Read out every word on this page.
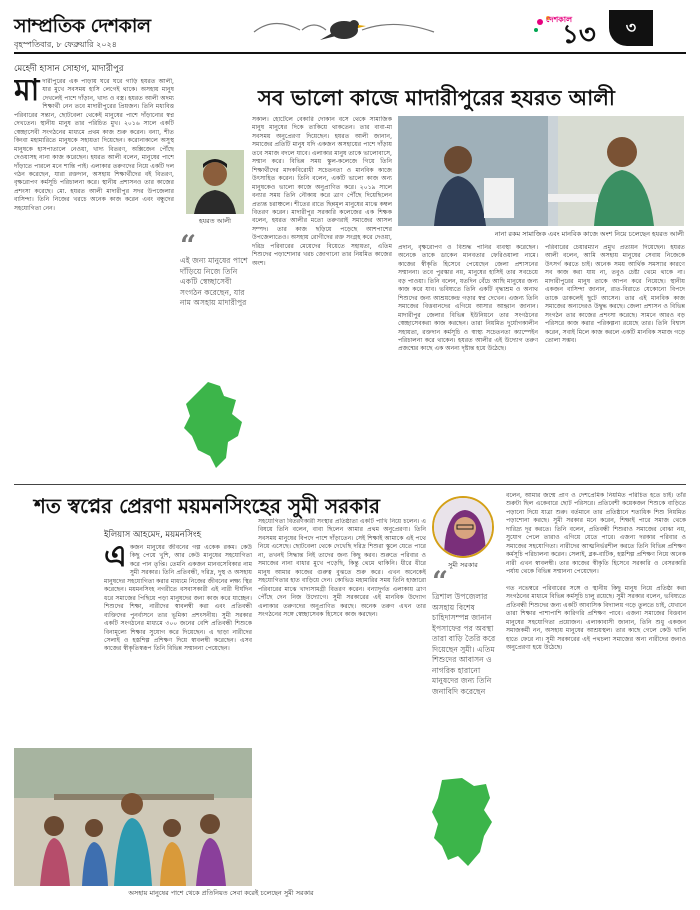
সাম্প্রতিক দেশকাল
বৃহস্পতিবার, ৮ ফেব্রুয়ারি ২০২৪
দেশকাল
১৩	৩
মেহেদী হাসান সোহাগ, মাদারীপুর
সব ভালো কাজে মাদারীপুরের হযরত আলী
মা দারীপুরের এক পাড়ায় ঘরে ঘরে গাড়ি হযরত আলী, যার মুখে সবসময় হাসি লেগেই থাকে। অসহায় মানুষ দেখলেই পাশে দাঁড়ান, খাদ্য ও বস্ত্র। হযরত আলী অদম্য শিক্ষার্থী নেন তবে মাদারীপুরের প্রিয়জন। তিনি মধ্যবিত্ত পরিবারের সন্তান, ছোটবেলা থেকেই মানুষের পাশে দাঁড়ানোর স্বপ্ন দেখতেন। স্থানীয় মানুষ তার পরিচিত মুখ। ২০১৬ সালে একটি স্বেচ্ছাসেবী সংগঠনের মাধ্যমে প্রথম কাজ শুরু করেন। বন্যা, শীত কিংবা মহামারিতে মানুষকে সহায়তা দিয়েছেন। করোনাকালে অসুস্থ মানুষকে হাসপাতালে নেওয়া, খাদ্য বিতরণ, অক্সিজেন পৌঁছে দেওয়াসহ নানা কাজ করেছেন। হযরত আলী বলেন, মানুষের পাশে দাঁড়াতে পারলে মনে শান্তি পাই। এলাকার তরুণদের নিয়ে একটি দল গঠন করেছেন, যারা রক্তদান, অসহায় শিক্ষার্থীদের বই বিতরণ, বৃক্ষরোপণ কর্মসূচি পরিচালনা করে। স্থানীয় প্রশাসনও তার কাজের প্রশংসা করেছে। মো. হযরত আলী মাদারীপুর সদর উপজেলার বাসিন্দা। তিনি নিজের খরচে অনেক কাজ করেন এবং বন্ধুদের সহযোগিতা নেন।
হযরত আলী
“
এই জন্য মানুষের পাশে দাঁড়িয়ে নিজে তিনি একটি স্বেচ্ছাসেবী সংগঠন করেছেন, যার নাম অসহায় মাদারীপুর
সকাল। হোটেলে বেকারি দোকান বসে থেকে সামাজিক মানুষ মানুষের দিকে তাকিয়ে থাকতেন। তার বাবা-মা সবসময় অনুপ্রেরণা দিয়েছেন। হযরত আলী জানান, সমাজের প্রতিটি মানুষ যদি একজন অসহায়ের পাশে দাঁড়ায় তবে সমাজ বদলে যাবে। এলাকার মানুষ তাকে ভালোবাসে, সম্মান করে। বিভিন্ন সময় স্কুল-কলেজে গিয়ে তিনি শিক্ষার্থীদের মাদকবিরোধী সচেতনতা ও মানবিক কাজে উৎসাহিত করেন। তিনি বলেন, একটি ভালো কাজ অন্য মানুষকেও ভালো কাজে অনুপ্রাণিত করে। ২০১৯ সালে বন্যার সময় তিনি নৌকায় করে ত্রাণ পৌঁছে দিয়েছিলেন প্রত্যন্ত চরাঞ্চলে। শীতের রাতে ছিন্নমূল মানুষের মাঝে কম্বল বিতরণ করেন। মাদারীপুর সরকারি কলেজের এক শিক্ষক বলেন, হযরত আলীর মতো তরুণরাই সমাজের আসল সম্পদ। তার কাজ ছড়িয়ে পড়েছে আশপাশের উপজেলাতেও। অসহায় রোগীদের রক্ত সংগ্রহ করে দেওয়া, দরিদ্র পরিবারের মেয়েদের বিয়েতে সহায়তা, এতিম শিশুদের পড়াশোনার খরচ জোগানো তার নিয়মিত কাজের অংশ।
নানা রকম সামাজিক এবং মানবিক কাজে অংশ নিয়ে চলেছেন হযরত আলী
প্রদান, বৃক্ষরোপণ ও বিশুদ্ধ পানির ব্যবস্থা করেছেন। অনেকে তাকে ডাকেন মানবতার ফেরিওয়ালা নামে। কাজের স্বীকৃতি হিসেবে পেয়েছেন জেলা প্রশাসনের সম্মাননা। তবে পুরস্কার নয়, মানুষের হাসিই তার সবচেয়ে বড় পাওয়া। তিনি বলেন, যতদিন বেঁচে আছি মানুষের জন্য কাজ করে যাব। ভবিষ্যতে তিনি একটি বৃদ্ধাশ্রম ও অনাথ শিশুদের জন্য আশ্রয়কেন্দ্র গড়ার স্বপ্ন দেখেন। এজন্য তিনি সমাজের বিত্তবানদের এগিয়ে আসার আহ্বান জানান। মাদারীপুর জেলার বিভিন্ন ইউনিয়নে তার সংগঠনের স্বেচ্ছাসেবকরা কাজ করছেন। তারা নিয়মিত দুর্যোগকালীন সহায়তা, রক্তদান কর্মসূচি ও স্বাস্থ্য সচেতনতা ক্যাম্পেইন পরিচালনা করে থাকেন। হযরত আলীর এই উদ্যোগ তরুণ প্রজন্মের কাছে এক অনন্য দৃষ্টান্ত হয়ে উঠেছে।
পরিবারের চেয়ারম্যান প্রমুখ প্রত্যয়ন দিয়েছেন। হযরত আলী বলেন, আমি অসহায় মানুষের সেবায় নিজেকে উৎসর্গ করতে চাই। অনেক সময় আর্থিক সমস্যার কারণে সব কাজ করা যায় না, তবুও চেষ্টা থেমে থাকে না। মাদারীপুরের মানুষ তাকে আপন করে নিয়েছে। স্থানীয় একজন বাসিন্দা জানান, রাত-বিরাতে যেকোনো বিপদে তাকে ডাকলেই ছুটে আসেন। তার এই মানবিক কাজ সমাজের অন্যদেরও উদ্বুদ্ধ করছে। জেলা প্রশাসন ও বিভিন্ন সংগঠন তার কাজের প্রশংসা করেছে। সামনে আরও বড় পরিসরে কাজ করার পরিকল্পনা রয়েছে তার। তিনি বিশ্বাস করেন, সবাই মিলে কাজ করলে একটি মানবিক সমাজ গড়ে তোলা সম্ভব।
শত স্বপ্নের প্রেরণা ময়মনসিংহের সুমী সরকার
ইলিয়াস আহমেদ, ময়মনসিংহ
এ কজন মানুষের জীবনের গল্প একেক রকম। কেউ কিছু পেয়ে খুশি, আর কেউ মানুষের সহযোগিতা করে পান তৃপ্তি। তেমনি একজন মানবসেবিকার নাম সুমী সরকার। তিনি প্রতিবন্ধী, দরিদ্র, দুস্থ ও অসহায় মানুষদের সহযোগিতা করার মাধ্যমে নিজের জীবনের লক্ষ্য স্থির করেছেন। ময়মনসিংহ নগরীতে বসবাসকারী এই নারী দীর্ঘদিন ধরে সমাজের পিছিয়ে পড়া মানুষদের জন্য কাজ করে যাচ্ছেন। শিশুদের শিক্ষা, নারীদের স্বাবলম্বী করা এবং প্রতিবন্ধী ব্যক্তিদের পুনর্বাসনে তার ভূমিকা প্রশংসনীয়। সুমী সরকার একটি সংগঠনের মাধ্যমে ৩০০ জনের বেশি প্রতিবন্ধী শিশুকে বিনামূল্যে শিক্ষার সুযোগ করে দিয়েছেন। এ ছাড়া নারীদের সেলাই ও হস্তশিল্প প্রশিক্ষণ দিয়ে স্বাবলম্বী করেছেন। এসব কাজের স্বীকৃতিস্বরূপ তিনি বিভিন্ন সম্মাননা পেয়েছেন।
সহযোগিতা বিতরণকারী সংস্থার প্রতিষ্ঠাতা একটি পাখি নিয়ে চলেন। এ বিষয়ে তিনি বলেন, বাবা ছিলেন আমার প্রথম অনুপ্রেরণা। তিনি সবসময় মানুষের বিপদে পাশে দাঁড়াতেন। সেই শিক্ষাই আমাকে এই পথে নিয়ে এসেছে। ছোটবেলা থেকে দেখেছি দরিদ্র শিশুরা স্কুলে যেতে পারে না, তখনই সিদ্ধান্ত নিই তাদের জন্য কিছু করব। শুরুতে পরিবার ও সমাজের নানা বাধার মুখে পড়েছি, কিন্তু থেমে থাকিনি। ধীরে ধীরে মানুষ আমার কাজের গুরুত্ব বুঝতে শুরু করে। এখন অনেকেই সহযোগিতার হাত বাড়িয়ে দেন। কোভিড মহামারির সময় তিনি হাজারো পরিবারের মাঝে খাদ্যসামগ্রী বিতরণ করেন। বন্যাদুর্গত এলাকায় ত্রাণ পৌঁছে দেন নিজ উদ্যোগে। সুমী সরকারের এই মানবিক উদ্যোগ এলাকার তরুণদের অনুপ্রাণিত করছে। অনেক তরুণ এখন তার সংগঠনের সঙ্গে স্বেচ্ছাসেবক হিসেবে কাজ করছেন।
অসহায় মানুষের পাশে থেকে প্রতিনিয়ত সেবা করেই চলেছেন সুমী সরকার
সুমী সরকার
“
ত্রিশাল উপজেলার অসহায় বিশেষ চাহিদাসম্পন্ন জানান ইপসাফের পর অবস্থা তারা বাড়ি তৈরি করে দিয়েছেন সুমী। এতিম শিশুদের আবাসন ও নাগরিক হারানো মানুষদের জন্য তিনি জনাবিদি করেছেন
বলেন, আমার জন্মে প্রাণ ও দেশপ্রেমিক নিয়মিত পরিচিত হতে চাই। তাঁর শুরুটা ছিল একেবারে ছোট পরিসরে। প্রতিবেশী কয়েকজন শিশুকে বাড়িতে পড়ানো দিয়ে যাত্রা শুরু। বর্তমানে তার প্রতিষ্ঠানে শতাধিক শিশু নিয়মিত পড়াশোনা করছে। সুমী সরকার মনে করেন, শিক্ষাই পারে সমাজ থেকে দারিদ্র্য দূর করতে। তিনি বলেন, প্রতিবন্ধী শিশুরাও সমাজের বোঝা নয়, সুযোগ পেলে তারাও এগিয়ে যেতে পারে। এজন্য দরকার পরিবার ও সমাজের সহযোগিতা। নারীদের আত্মনির্ভরশীল করতে তিনি বিভিন্ন প্রশিক্ষণ কর্মসূচি পরিচালনা করেন। সেলাই, ব্লক-বাটিক, হস্তশিল্প প্রশিক্ষণ নিয়ে অনেক নারী এখন স্বাবলম্বী। তার কাজের স্বীকৃতি হিসেবে সরকারি ও বেসরকারি পর্যায় থেকে বিভিন্ন সম্মাননা পেয়েছেন।

গত নভেম্বরে পরিবারের সঙ্গে ও স্থানীয় কিছু মানুষ নিয়ে প্রতিষ্ঠা করা সংগঠনের মাধ্যমে বিভিন্ন কর্মসূচি চালু রয়েছে। সুমী সরকার বলেন, ভবিষ্যতে প্রতিবন্ধী শিশুদের জন্য একটি আবাসিক বিদ্যালয় গড়ে তুলতে চাই, যেখানে তারা শিক্ষার পাশাপাশি কারিগরি প্রশিক্ষণ পাবে। এজন্য সমাজের বিত্তবান মানুষের সহযোগিতা প্রয়োজন। এলাকাবাসী জানান, তিনি শুধু একজন সমাজকর্মী নন, অসহায় মানুষের আশ্রয়স্থল। তার কাছে গেলে কেউ খালি হাতে ফেরে না। সুমী সরকারের এই পথচলা সমাজের অন্য নারীদের জন্যও অনুপ্রেরণা হয়ে উঠেছে।
